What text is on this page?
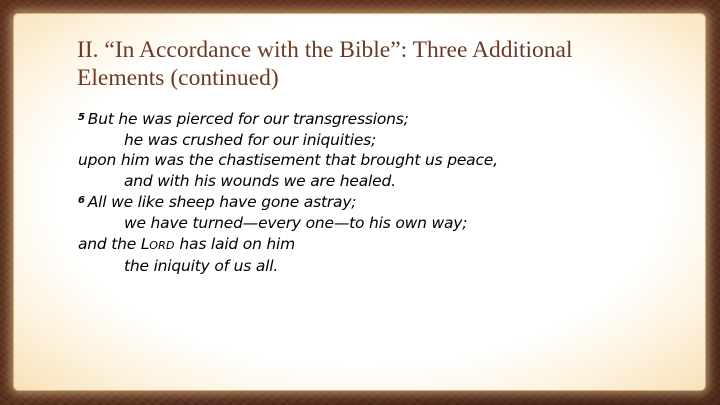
II. “In Accordance with the Bible”: Three Additional
Elements (continued)
$^5$ But he was pierced for our transgressions;
he was crushed for our iniquities;
upon him was the chastisement that brought us peace,
and with his wounds we are healed.
$^6$ All we like sheep have gone astray;
we have turned—every one—to his own way;
and the LORD has laid on him
the iniquity of us all.
